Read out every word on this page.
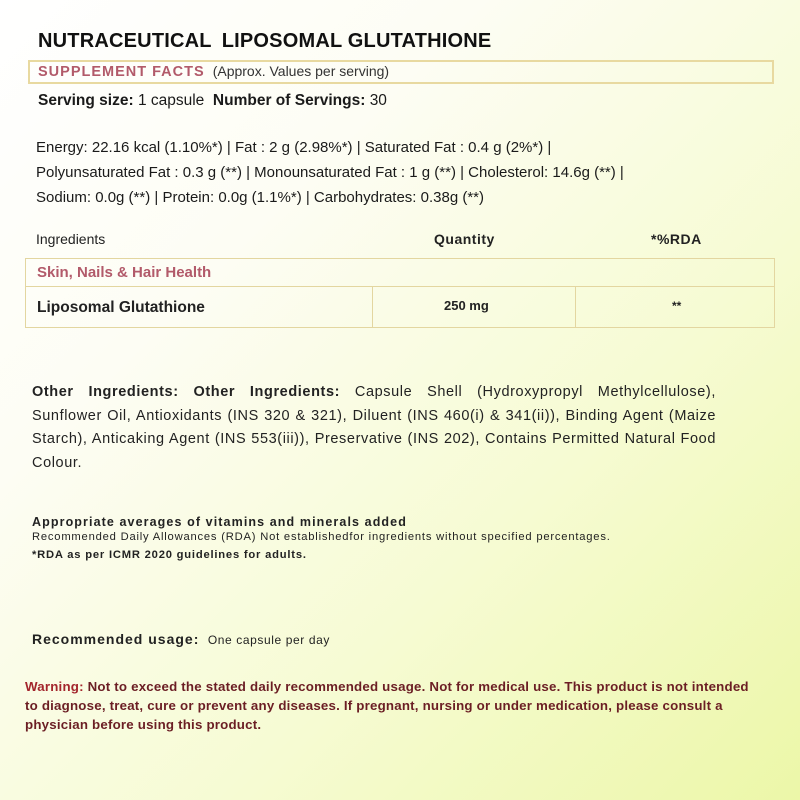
NUTRACEUTICAL LIPOSOMAL GLUTATHIONE
SUPPLEMENT FACTS (Approx. Values per serving)
Serving size: 1 capsule Number of Servings: 30
Energy: 22.16 kcal (1.10%*) | Fat : 2 g (2.98%*) | Saturated Fat : 0.4 g (2%*) |
Polyunsaturated Fat : 0.3 g (**) | Monounsaturated Fat : 1 g (**) | Cholesterol: 14.6g (**) |
Sodium: 0.0g (**) | Protein: 0.0g (1.1%*) | Carbohydrates: 0.38g (**)
Ingredients	Quantity	*%RDA
Skin, Nails & Hair Health
Liposomal Glutathione	250 mg	**
Other Ingredients: Other Ingredients: Capsule Shell (Hydroxypropyl Methylcellulose), Sunflower Oil, Antioxidants (INS 320 & 321), Diluent (INS 460(i) & 341(ii)), Binding Agent (Maize Starch), Anticaking Agent (INS 553(iii)), Preservative (INS 202), Contains Permitted Natural Food Colour.
Appropriate averages of vitamins and minerals added
Recommended Daily Allowances (RDA) Not establishedfor ingredients without specified percentages.
*RDA as per ICMR 2020 guidelines for adults.
Recommended usage: One capsule per day
Warning: Not to exceed the stated daily recommended usage. Not for medical use. This product is not intended to diagnose, treat, cure or prevent any diseases. If pregnant, nursing or under medication, please consult a physician before using this product.
